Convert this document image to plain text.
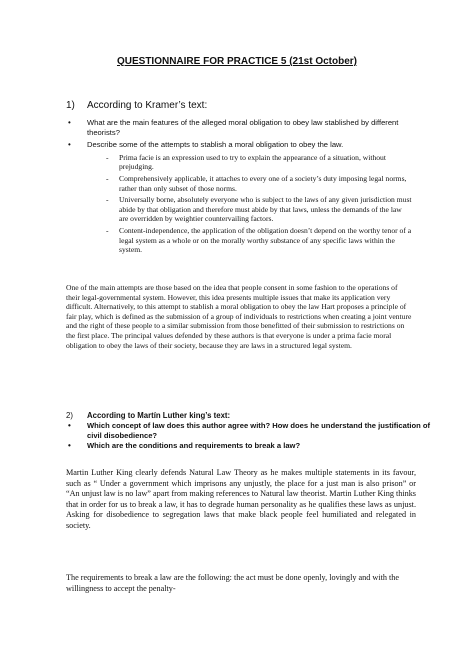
QUESTIONNAIRE FOR PRACTICE 5 (21st October)
1)	According to Kramer’s text:
• What are the main features of the alleged moral obligation to obey law stablished by different theorists?
• Describe some of the attempts to stablish a moral obligation to obey the law.
- Prima facie is an expression used to try to explain the appearance of a situation, without prejudging.
- Comprehensively applicable, it attaches to every one of a society’s duty imposing legal norms, rather than only subset of those norms.
- Universally borne, absolutely everyone who is subject to the laws of any given jurisdiction must abide by that obligation and therefore must abide by that laws, unless the demands of the law are overridden by weightier countervailing factors.
- Content-independence, the application of the obligation doesn’t depend on the worthy tenor of a legal system as a whole or on the morally worthy substance of any specific laws within the system.

One of the main attempts are those based on the idea that people consent in some fashion to the operations of their legal-governmental system. However, this idea presents multiple issues that make its application very difficult. Alternatively, to this attempt to stablish a moral obligation to obey the law Hart proposes a principle of fair play, which is defined as the submission of a group of individuals to restrictions when creating a joint venture and the right of these people to a similar submission from those benefitted of their submission to restrictions on the first place. The principal values defended by these authors is that everyone is under a prima facie moral obligation to obey the laws of their society, because they are laws in a structured legal system.

2)	According to Martín Luther king’s text:
• Which concept of law does this author agree with? How does he understand the justification of civil disobedience?
• Which are the conditions and requirements to break a law?

Martin Luther King clearly defends Natural Law Theory as he makes multiple statements in its favour, such as “ Under a government which imprisons any unjustly, the place for a just man is also prison” or “An unjust law is no law” apart from making references to Natural law theorist. Martin Luther King thinks that in order for us to break a law, it has to degrade human personality as he qualifies these laws as unjust. Asking for disobedience to segregation laws that make black people feel humiliated and relegated in society.

The requirements to break a law are the following: the act must be done openly, lovingly and with the willingness to accept the penalty-
